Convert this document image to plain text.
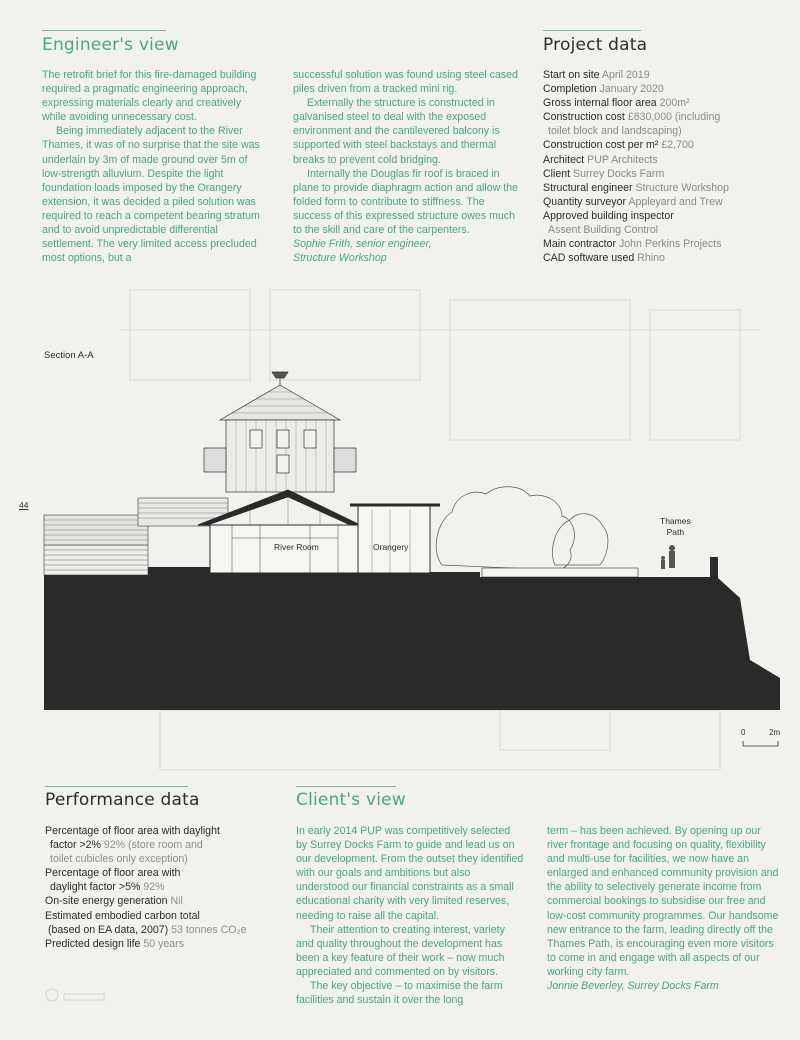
Engineer's view

The retrofit brief for this fire-damaged building required a pragmatic engineering approach, expressing materials clearly and creatively while avoiding unnecessary cost.

Being immediately adjacent to the River Thames, it was of no surprise that the site was underlain by 3m of made ground over 5m of low-strength alluvium. Despite the light foundation loads imposed by the Orangery extension, it was decided a piled solution was required to reach a competent bearing stratum and to avoid unpredictable differential settlement. The very limited access precluded most options, but a

successful solution was found using steel cased piles driven from a tracked mini rig.

Externally the structure is constructed in galvanised steel to deal with the exposed environment and the cantilevered balcony is supported with steel backstays and thermal breaks to prevent cold bridging.

Internally the Douglas fir roof is braced in plane to provide diaphragm action and allow the folded form to contribute to stiffness. The success of this expressed structure owes much to the skill and care of the carpenters.

Sophie Frith, senior engineer,

Structure Workshop

Project data
Start on site April 2019
Completion January 2020
Gross internal floor area 200m²
Construction cost £630,000 (including
toilet block and landscaping)
Construction cost per m² £2,700
Architect PUP Architects
Client Surrey Docks Farm
Structural engineer Structure Workshop
Quantity surveyor Appleyard and Trew
Approved building inspector
Assent Building Control
Main contractor John Perkins Projects
CAD software used Rhino
Section A-A
44
River Room	Orangery
Thames
Path
0	2m
Performance data
Percentage of floor area with daylight
factor >2% 92% (store room and
toilet cubicles only exception)
Percentage of floor area with
daylight factor >5% 92%
On-site energy generation Nil
Estimated embodied carbon total
(based on EA data, 2007) 53 tonnes CO₂e
Predicted design life 50 years
Client's view

In early 2014 PUP was competitively selected by Surrey Docks Farm to guide and lead us on our development. From the outset they identified with our goals and ambitions but also understood our financial constraints as a small educational charity with very limited reserves, needing to raise all the capital.

Their attention to creating interest, variety and quality throughout the development has been a key feature of their work – now much appreciated and commented on by visitors.

The key objective – to maximise the farm facilities and sustain it over the long

term – has been achieved. By opening up our river frontage and focusing on quality, flexibility and multi-use for facilities, we now have an enlarged and enhanced community provision and the ability to selectively generate income from commercial bookings to subsidise our free and low-cost community programmes. Our handsome new entrance to the farm, leading directly off the Thames Path, is encouraging even more visitors to come in and engage with all aspects of our working city farm.

Jonnie Beverley, Surrey Docks Farm
